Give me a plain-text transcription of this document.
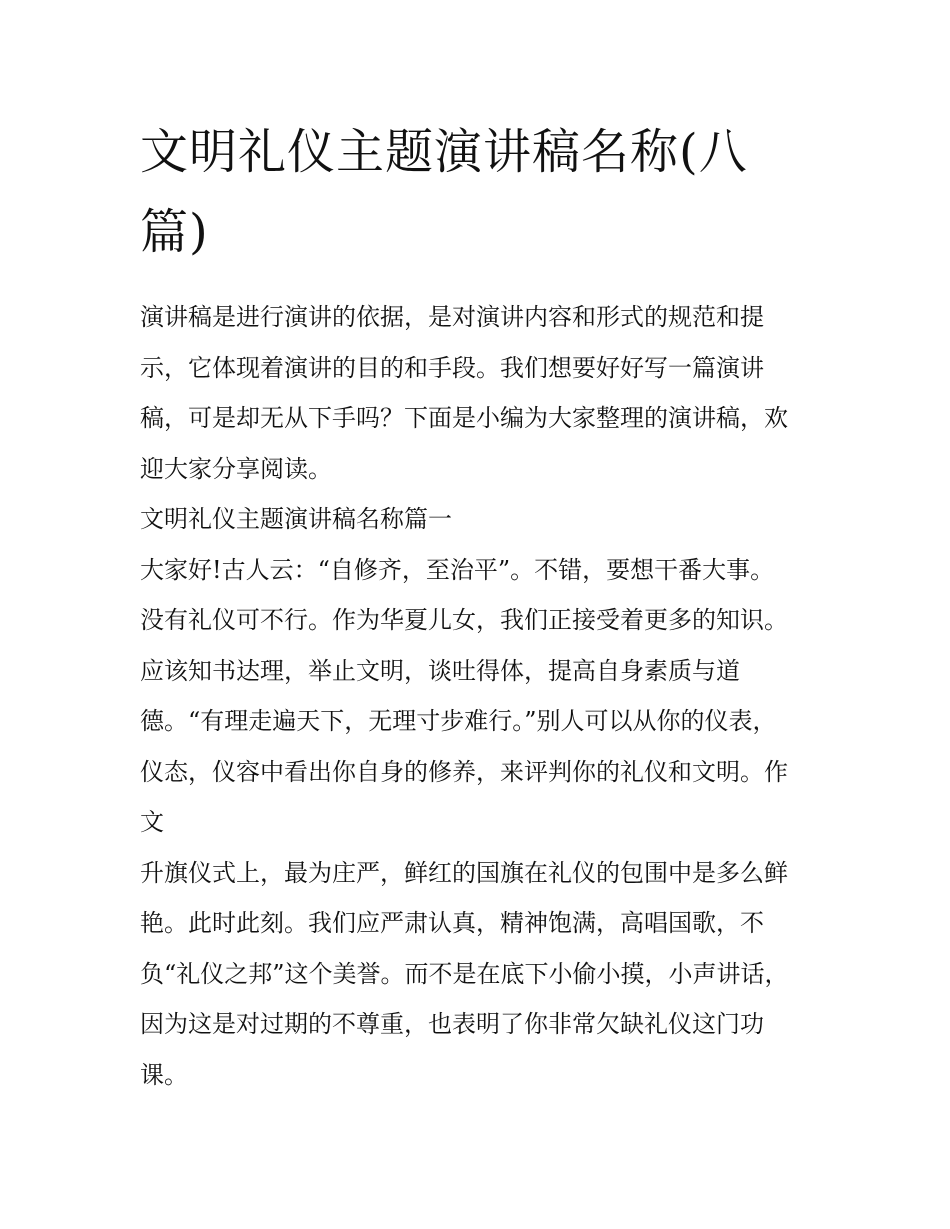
文明礼仪主题演讲稿名称(八
篇)

演讲稿是进行演讲的依据，是对演讲内容和形式的规范和提
示，它体现着演讲的目的和手段。我们想要好好写一篇演讲
稿，可是却无从下手吗？下面是小编为大家整理的演讲稿，欢
迎大家分享阅读。

文明礼仪主题演讲稿名称篇一

大家好!古人云：“自修齐，至治平”。不错，要想干番大事。
没有礼仪可不行。作为华夏儿女，我们正接受着更多的知识。
应该知书达理，举止文明，谈吐得体，提高自身素质与道
德。“有理走遍天下，无理寸步难行。”别人可以从你的仪表，
仪态，仪容中看出你自身的修养，来评判你的礼仪和文明。作
文

升旗仪式上，最为庄严，鲜红的国旗在礼仪的包围中是多么鲜
艳。此时此刻。我们应严肃认真，精神饱满，高唱国歌，不
负“礼仪之邦”这个美誉。而不是在底下小偷小摸，小声讲话，
因为这是对过期的不尊重，也表明了你非常欠缺礼仪这门功
课。
